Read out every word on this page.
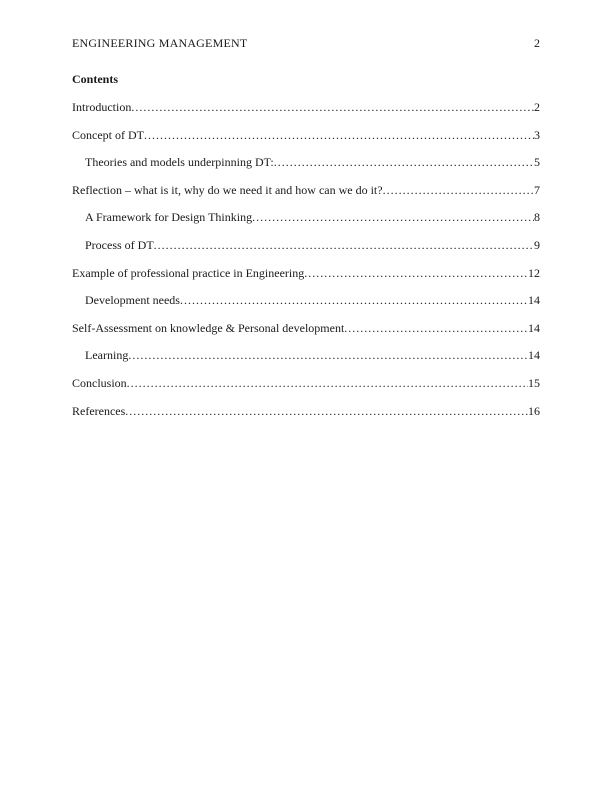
ENGINEERING MANAGEMENT	2
Contents
Introduction .....	2
Concept of DT .....	3
Theories and models underpinning DT: .....	5
Reflection – what is it, why do we need it and how can we do it? .....	7
A Framework for Design Thinking .....	8
Process of DT .....	9
Example of professional practice in Engineering .....	12
Development needs .....	14
Self-Assessment on knowledge & Personal development .....	14
Learning .....	14
Conclusion .....	15
References .....	16
